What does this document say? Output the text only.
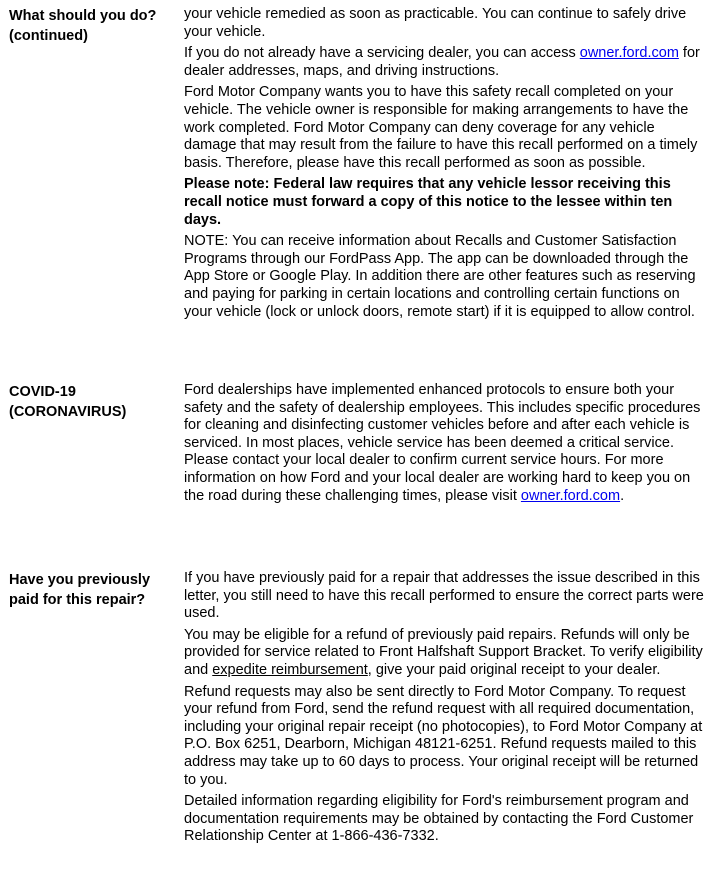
What should you do?
(continued)

your vehicle remedied as soon as practicable. You can continue to safely drive your vehicle.

If you do not already have a servicing dealer, you can access owner.ford.com for dealer addresses, maps, and driving instructions.

Ford Motor Company wants you to have this safety recall completed on your vehicle. The vehicle owner is responsible for making arrangements to have the work completed. Ford Motor Company can deny coverage for any vehicle damage that may result from the failure to have this recall performed on a timely basis. Therefore, please have this recall performed as soon as possible.

Please note: Federal law requires that any vehicle lessor receiving this recall notice must forward a copy of this notice to the lessee within ten days.

NOTE: You can receive information about Recalls and Customer Satisfaction Programs through our FordPass App. The app can be downloaded through the App Store or Google Play. In addition there are other features such as reserving and paying for parking in certain locations and controlling certain functions on your vehicle (lock or unlock doors, remote start) if it is equipped to allow control.

COVID-19
(CORONAVIRUS)

Ford dealerships have implemented enhanced protocols to ensure both your safety and the safety of dealership employees. This includes specific procedures for cleaning and disinfecting customer vehicles before and after each vehicle is serviced. In most places, vehicle service has been deemed a critical service. Please contact your local dealer to confirm current service hours. For more information on how Ford and your local dealer are working hard to keep you on the road during these challenging times, please visit owner.ford.com.

Have you previously
paid for this repair?

If you have previously paid for a repair that addresses the issue described in this letter, you still need to have this recall performed to ensure the correct parts were used.

You may be eligible for a refund of previously paid repairs. Refunds will only be provided for service related to Front Halfshaft Support Bracket. To verify eligibility and expedite reimbursement, give your paid original receipt to your dealer.

Refund requests may also be sent directly to Ford Motor Company. To request your refund from Ford, send the refund request with all required documentation, including your original repair receipt (no photocopies), to Ford Motor Company at P.O. Box 6251, Dearborn, Michigan 48121-6251. Refund requests mailed to this address may take up to 60 days to process. Your original receipt will be returned to you.

Detailed information regarding eligibility for Ford's reimbursement program and documentation requirements may be obtained by contacting the Ford Customer Relationship Center at 1-866-436-7332.
